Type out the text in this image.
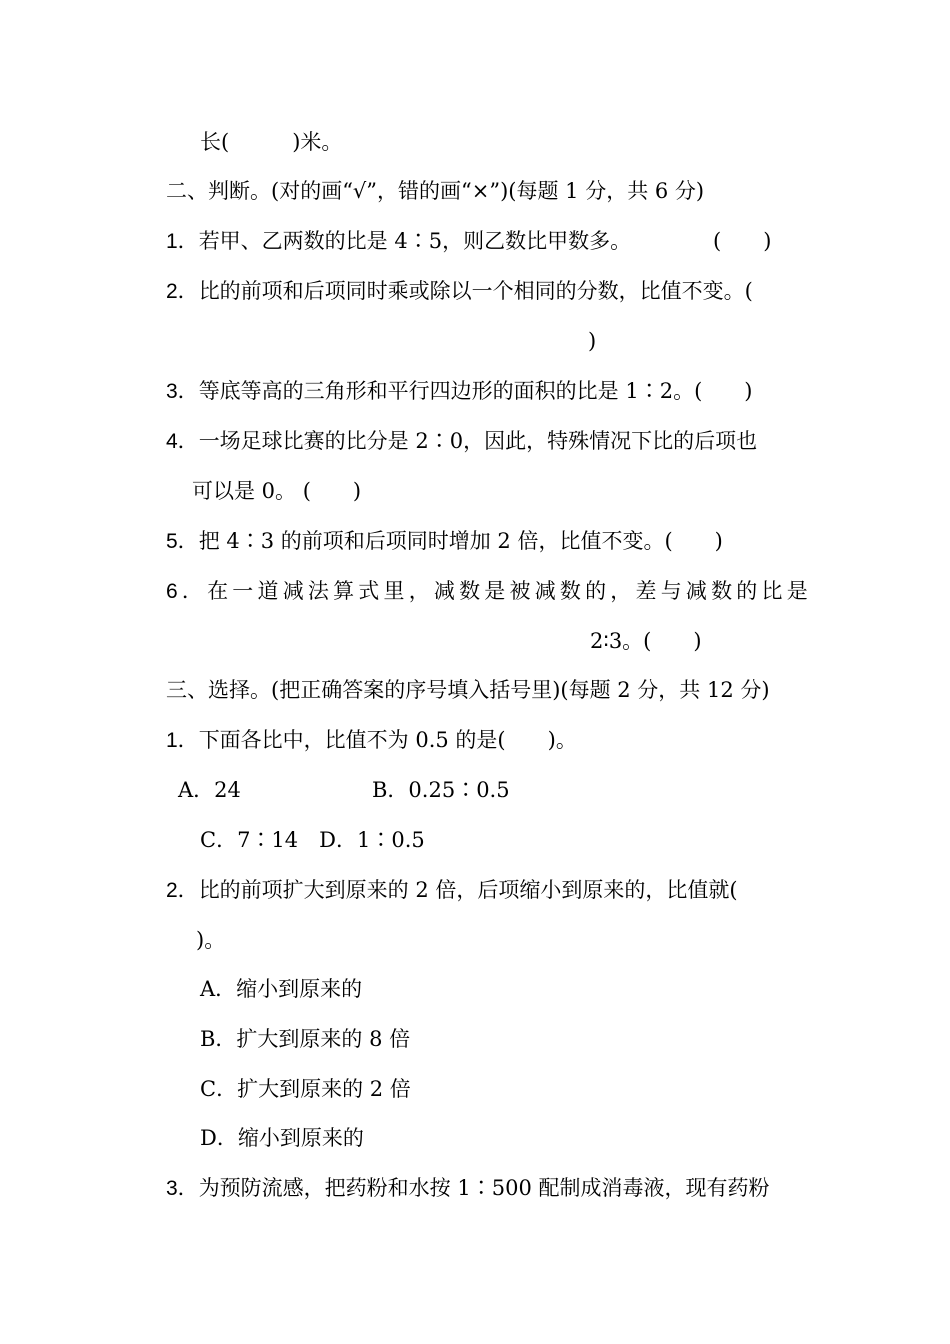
长(　　　)米。
二、判断。(对的画“√”，错的画“×”)(每题 1 分，共 6 分)
1．若甲、乙两数的比是 4∶5，则乙数比甲数多。	(　　)
2．比的前项和后项同时乘或除以一个相同的分数，比值不变。(
)
3．等底等高的三角形和平行四边形的面积的比是 1∶2。(　　)
4．一场足球比赛的比分是 2∶0，因此，特殊情况下比的后项也
可以是 0。 (　　)
5．把 4∶3 的前项和后项同时增加 2 倍，比值不变。(　　)
6．在一道减法算式里，减数是被减数的，差与减数的比是
2∶3。(　　)
三、选择。(把正确答案的序号填入括号里)(每题 2 分，共 12 分)
1．下面各比中，比值不为 0.5 的是(　　)。
A．24	B．0.25∶0.5
C．7∶14　D．1∶0.5
2．比的前项扩大到原来的 2 倍，后项缩小到原来的，比值就(
)。
A．缩小到原来的
B．扩大到原来的 8 倍
C．扩大到原来的 2 倍
D．缩小到原来的
3．为预防流感，把药粉和水按 1∶500 配制成消毒液，现有药粉
